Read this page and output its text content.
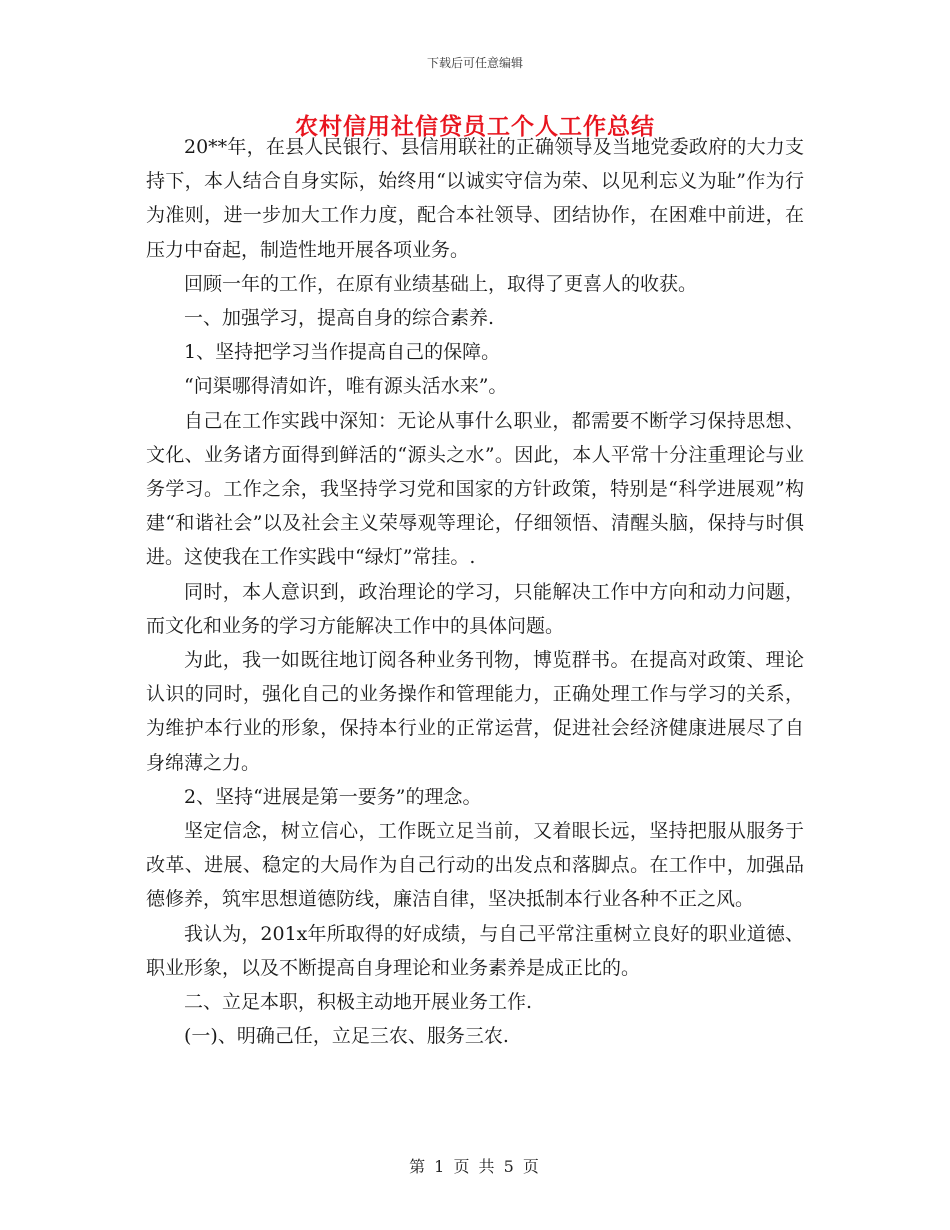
下载后可任意编辑
农村信用社信贷员工个人工作总结

20**年，在县人民银行、县信用联社的正确领导及当地党委政府的大力支持下，本人结合自身实际，始终用“以诚实守信为荣、以见利忘义为耻”作为行为准则，进一步加大工作力度，配合本社领导、团结协作，在困难中前进，在压力中奋起，制造性地开展各项业务。

回顾一年的工作，在原有业绩基础上，取得了更喜人的收获。

一、加强学习，提高自身的综合素养.

1、坚持把学习当作提高自己的保障。

“问渠哪得清如许，唯有源头活水来”。

自己在工作实践中深知：无论从事什么职业，都需要不断学习保持思想、文化、业务诸方面得到鲜活的“源头之水”。因此，本人平常十分注重理论与业务学习。工作之余，我坚持学习党和国家的方针政策，特别是“科学进展观”构建“和谐社会”以及社会主义荣辱观等理论，仔细领悟、清醒头脑，保持与时俱进。这使我在工作实践中“绿灯”常挂。.

同时，本人意识到，政治理论的学习，只能解决工作中方向和动力问题，而文化和业务的学习方能解决工作中的具体问题。

为此，我一如既往地订阅各种业务刊物，博览群书。在提高对政策、理论认识的同时，强化自己的业务操作和管理能力，正确处理工作与学习的关系，为维护本行业的形象，保持本行业的正常运营，促进社会经济健康进展尽了自身绵薄之力。

2、坚持“进展是第一要务”的理念。

坚定信念，树立信心，工作既立足当前，又着眼长远，坚持把服从服务于改革、进展、稳定的大局作为自己行动的出发点和落脚点。在工作中，加强品德修养，筑牢思想道德防线，廉洁自律，坚决抵制本行业各种不正之风。

我认为，201x年所取得的好成绩，与自己平常注重树立良好的职业道德、职业形象，以及不断提高自身理论和业务素养是成正比的。

二、立足本职，积极主动地开展业务工作.

(一)、明确己任，立足三农、服务三农.

第 1 页 共 5 页
